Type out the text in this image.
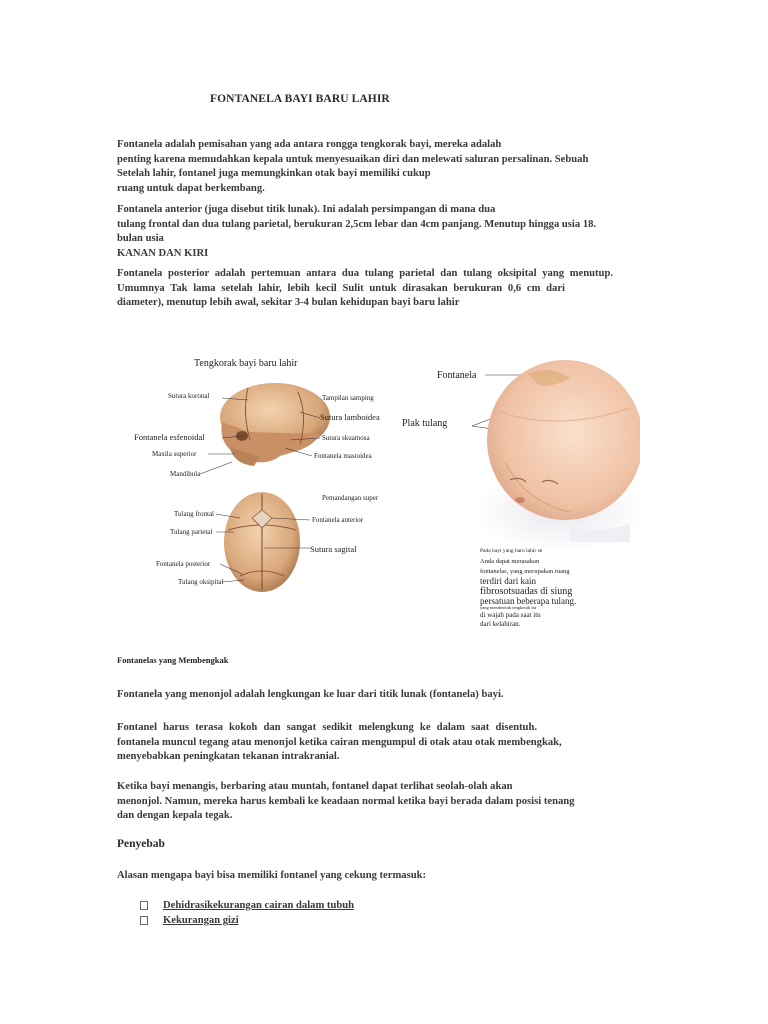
FONTANELA BAYI BARU LAHIR
Fontanela adalah pemisahan yang ada antara rongga tengkorak bayi, mereka adalah
penting karena memudahkan kepala untuk menyesuaikan diri dan melewati saluran persalinan. Sebuah
Setelah lahir, fontanel juga memungkinkan otak bayi memiliki cukup
ruang untuk dapat berkembang.
Fontanela anterior (juga disebut titik lunak). Ini adalah persimpangan di mana dua
tulang frontal dan dua tulang parietal, berukuran 2,5cm lebar dan 4cm panjang. Menutup hingga usia 18.
bulan usia
KANAN DAN KIRI
Fontanela posterior adalah pertemuan antara dua tulang parietal dan tulang oksipital yang menutup.
Umumnya Tak lama setelah lahir, lebih kecil Sulit untuk dirasakan berukuran 0,6 cm dari
diameter), menutup lebih awal, sekitar 3-4 bulan kehidupan bayi baru lahir
Tengkorak bayi baru lahir
Sutura koronal	Tampilan samping
Sutura lamboidea
Fontanela esfenoidal	Sutura skuamosa
Maxila superior	Fontanela mastoidea
Mandibula
Pemandangan super
Tulang frontal
Fontanela anterior
Tulang parietal
Sutura sagital
Fontanela posterior
Tulang oksipital
Fontanela
Plak tulang
Pada bayi yang baru lahir se
Anda dapat merasakan
fontanelas, yang merupakan ruang
terdiri dari kain
fibrosotsuadas di siung
persatuan beberapa tulang.
yang membentuk tengkorak ini
di wajah pada saat itu
dari kelahiran.
Fontanelas yang Membengkak
Fontanela yang menonjol adalah lengkungan ke luar dari titik lunak (fontanela) bayi.
Fontanel harus terasa kokoh dan sangat sedikit melengkung ke dalam saat disentuh.
fontanela muncul tegang atau menonjol ketika cairan mengumpul di otak atau otak membengkak,
menyebabkan peningkatan tekanan intrakranial.
Ketika bayi menangis, berbaring atau muntah, fontanel dapat terlihat seolah-olah akan
menonjol. Namun, mereka harus kembali ke keadaan normal ketika bayi berada dalam posisi tenang
dan dengan kepala tegak.
Penyebab
Alasan mengapa bayi bisa memiliki fontanel yang cekung termasuk:
Dehidrasikekurangan cairan dalam tubuh
Kekurangan gizi
